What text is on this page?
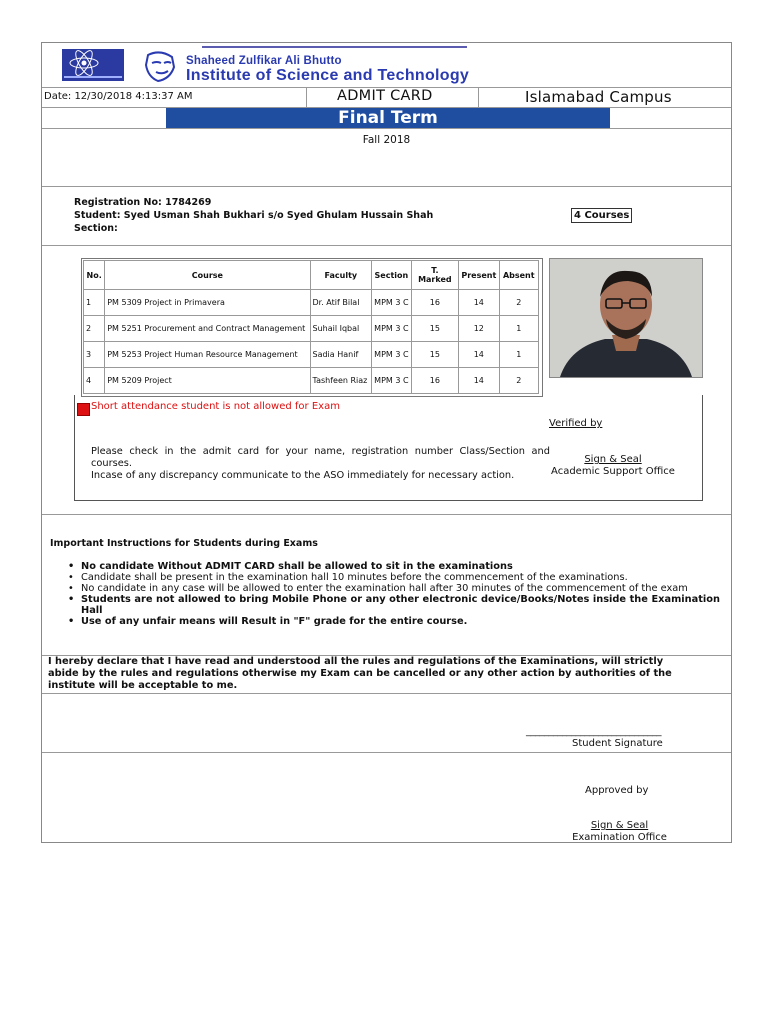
Shaheed Zulfikar Ali Bhutto
Institute of Science and Technology
Date: 12/30/2018 4:13:37 AM	ADMIT CARD	Islamabad Campus
Final Term
Fall 2018
Registration No: 1784269
Student: Syed Usman Shah Bukhari s/o Syed Ghulam Hussain Shah
Section:
4 Courses
No.	Course	Faculty	Section	T. Marked	Present	Absent
1	PM 5309 Project in Primavera	Dr. Atif Bilal	MPM 3 C	16	14	2
2	PM 5251 Procurement and Contract Management	Suhail Iqbal	MPM 3 C	15	12	1
3	PM 5253 Project Human Resource Management	Sadia Hanif	MPM 3 C	15	14	1
4	PM 5209 Project	Tashfeen Riaz	MPM 3 C	16	14	2
Short attendance student is not allowed for Exam
Verified by
Please check in the admit card for your name, registration number Class/Section and courses.
Incase of any discrepancy communicate to the ASO immediately for necessary action.
Sign & Seal
Academic Support Office
Important Instructions for Students during Exams
• No candidate Without ADMIT CARD shall be allowed to sit in the examinations
• Candidate shall be present in the examination hall 10 minutes before the commencement of the examinations.
• No candidate in any case will be allowed to enter the examination hall after 30 minutes of the commencement of the exam
• Students are not allowed to bring Mobile Phone or any other electronic device/Books/Notes inside the Examination Hall
• Use of any unfair means will Result in "F" grade for the entire course.
I hereby declare that I have read and understood all the rules and regulations of the Examinations, will strictly abide by the rules and regulations otherwise my Exam can be cancelled or any other action by authorities of the institute will be acceptable to me.
______________________________
Student Signature
Approved by
Sign & Seal
Examination Office
